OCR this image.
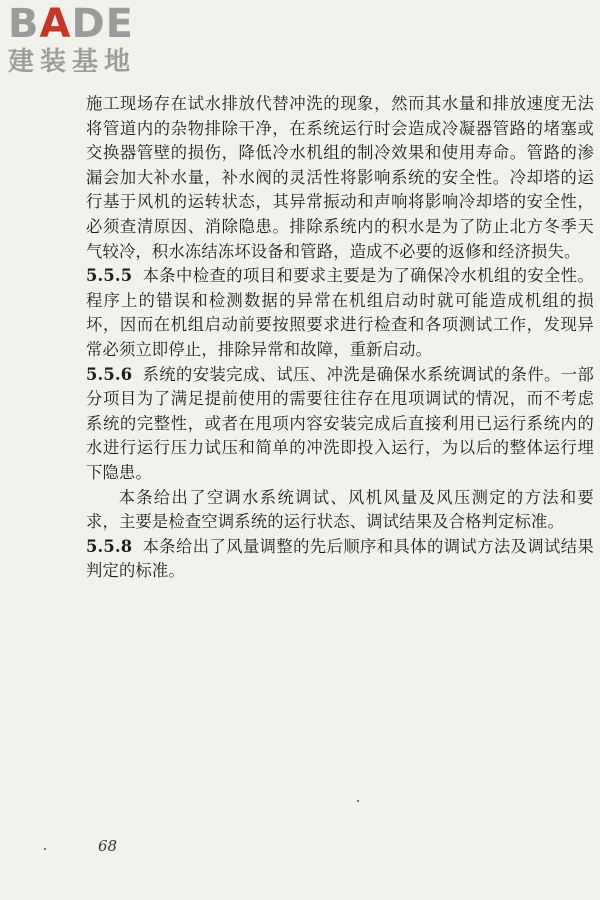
BADE
建装基地

施工现场存在试水排放代替冲洗的现象，然而其水量和排放速度无法将管道内的杂物排除干净，在系统运行时会造成冷凝器管路的堵塞或交换器管壁的损伤，降低冷水机组的制冷效果和使用寿命。管路的渗漏会加大补水量，补水阀的灵活性将影响系统的安全性。冷却塔的运行基于风机的运转状态，其异常振动和声响将影响冷却塔的安全性，必须查清原因、消除隐患。排除系统内的积水是为了防止北方冬季天气较冷，积水冻结冻坏设备和管路，造成不必要的返修和经济损失。

5.5.5 本条中检查的项目和要求主要是为了确保冷水机组的安全性。程序上的错误和检测数据的异常在机组启动时就可能造成机组的损坏，因而在机组启动前要按照要求进行检查和各项测试工作，发现异常必须立即停止，排除异常和故障，重新启动。

5.5.6 系统的安装完成、试压、冲洗是确保水系统调试的条件。一部分项目为了满足提前使用的需要往往存在甩项调试的情况，而不考虑系统的完整性，或者在甩项内容安装完成后直接利用已运行系统内的水进行运行压力试压和简单的冲洗即投入运行，为以后的整体运行埋下隐患。

本条给出了空调水系统调试、风机风量及风压测定的方法和要求，主要是检查空调系统的运行状态、调试结果及合格判定标准。

5.5.8 本条给出了风量调整的先后顺序和具体的调试方法及调试结果判定的标准。

68
